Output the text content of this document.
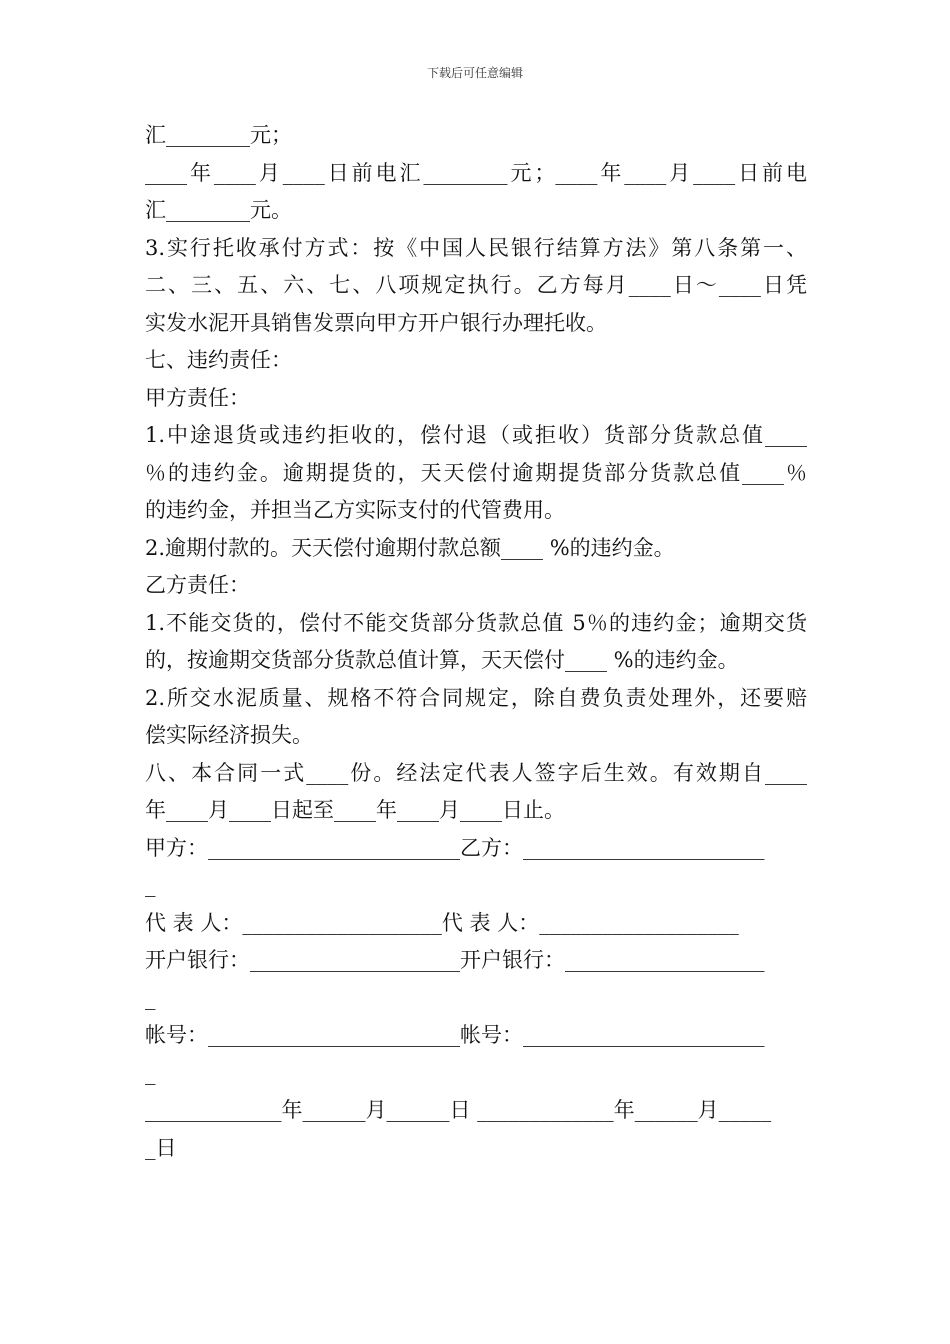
下载后可任意编辑
汇________元；
____年____月____日前电汇________元；____年____月____日前电
汇________元。
3.实行托收承付方式：按《中国人民银行结算方法》第八条第一、
二、三、五、六、七、八项规定执行。乙方每月____日～____日凭
实发水泥开具销售发票向甲方开户银行办理托收。
七、违约责任：
甲方责任：
1.中途退货或违约拒收的，偿付退（或拒收）货部分货款总值____
％的违约金。逾期提货的，天天偿付逾期提货部分货款总值____％
的违约金，并担当乙方实际支付的代管费用。
2.逾期付款的。天天偿付逾期付款总额____ %的违约金。
乙方责任：
1.不能交货的，偿付不能交货部分货款总值 5％的违约金；逾期交货
的，按逾期交货部分货款总值计算，天天偿付____ %的违约金。
2.所交水泥质量、规格不符合同规定，除自费负责处理外，还要赔
偿实际经济损失。
八、本合同一式____份。经法定代表人签字后生效。有效期自____
年____月____日起至____年____月____日止。
甲方：________________________乙方：_______________________
_
代 表 人：___________________代 表 人：___________________
开户银行：____________________开户银行：___________________
_
帐号：________________________帐号：_______________________
_
_____________年______月______日 _____________年______月_____
_日
